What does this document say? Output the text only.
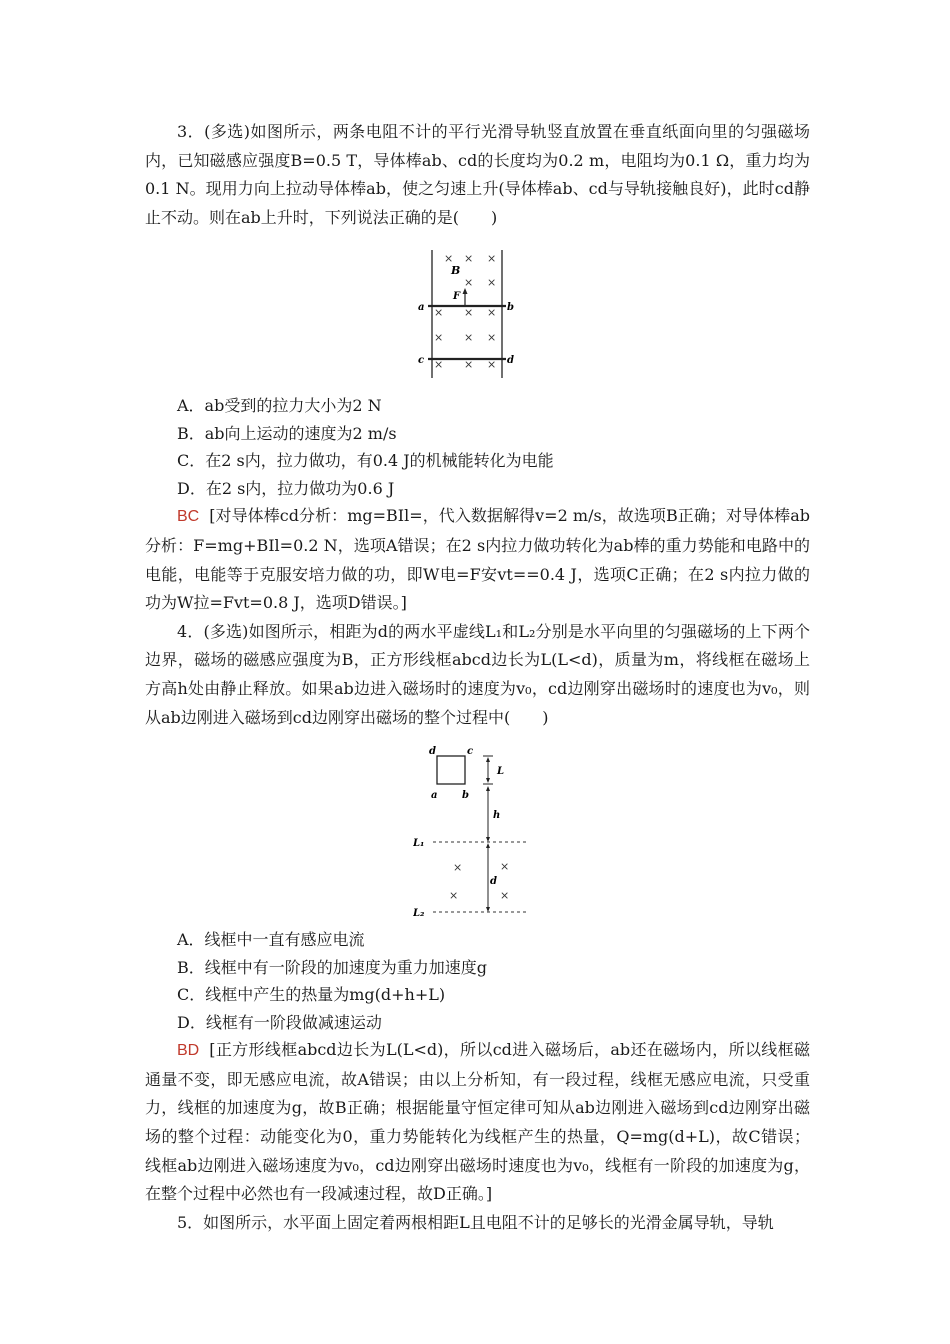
3．(多选)如图所示，两条电阻不计的平行光滑导轨竖直放置在垂直纸面向里的匀强磁场内，已知磁感应强度B=0.5 T，导体棒ab、cd的长度均为0.2 m，电阻均为0.1 Ω，重力均为0.1 N。现用力向上拉动导体棒ab，使之匀速上升(导体棒ab、cd与导轨接触良好)，此时cd静止不动。则在ab上升时，下列说法正确的是(　　)

× × ×
× ×
× × ×
× × ×
× × ×
B
F
a	b
c	d

A．ab受到的拉力大小为2 N

B．ab向上运动的速度为2 m/s

C．在2 s内，拉力做功，有0.4 J的机械能转化为电能

D．在2 s内，拉力做功为0.6 J

BC [对导体棒cd分析：mg=BIl=，代入数据解得v=2 m/s，故选项B正确；对导体棒ab分析：F=mg+BIl=0.2 N，选项A错误；在2 s内拉力做功转化为ab棒的重力势能和电路中的电能，电能等于克服安培力做的功，即W电=F安vt==0.4 J，选项C正确；在2 s内拉力做的功为W拉=Fvt=0.8 J，选项D错误。]

4．(多选)如图所示，相距为d的两水平虚线L₁和L₂分别是水平向里的匀强磁场的上下两个边界，磁场的磁感应强度为B，正方形线框abcd边长为L(L<d)，质量为m，将线框在磁场上方高h处由静止释放。如果ab边进入磁场时的速度为v₀，cd边刚穿出磁场时的速度也为v₀，则从ab边刚进入磁场到cd边刚穿出磁场的整个过程中(　　)

d	c
a b
L
h
L₁
d
×	×
×	×
L₂

A．线框中一直有感应电流

B．线框中有一阶段的加速度为重力加速度g

C．线框中产生的热量为mg(d+h+L)

D．线框有一阶段做减速运动

BD [正方形线框abcd边长为L(L<d)，所以cd进入磁场后，ab还在磁场内，所以线框磁通量不变，即无感应电流，故A错误；由以上分析知，有一段过程，线框无感应电流，只受重力，线框的加速度为g，故B正确；根据能量守恒定律可知从ab边刚进入磁场到cd边刚穿出磁场的整个过程：动能变化为0，重力势能转化为线框产生的热量，Q=mg(d+L)，故C错误；线框ab边刚进入磁场速度为v₀，cd边刚穿出磁场时速度也为v₀，线框有一阶段的加速度为g，在整个过程中必然也有一段减速过程，故D正确。]

5．如图所示，水平面上固定着两根相距L且电阻不计的足够长的光滑金属导轨，导轨
